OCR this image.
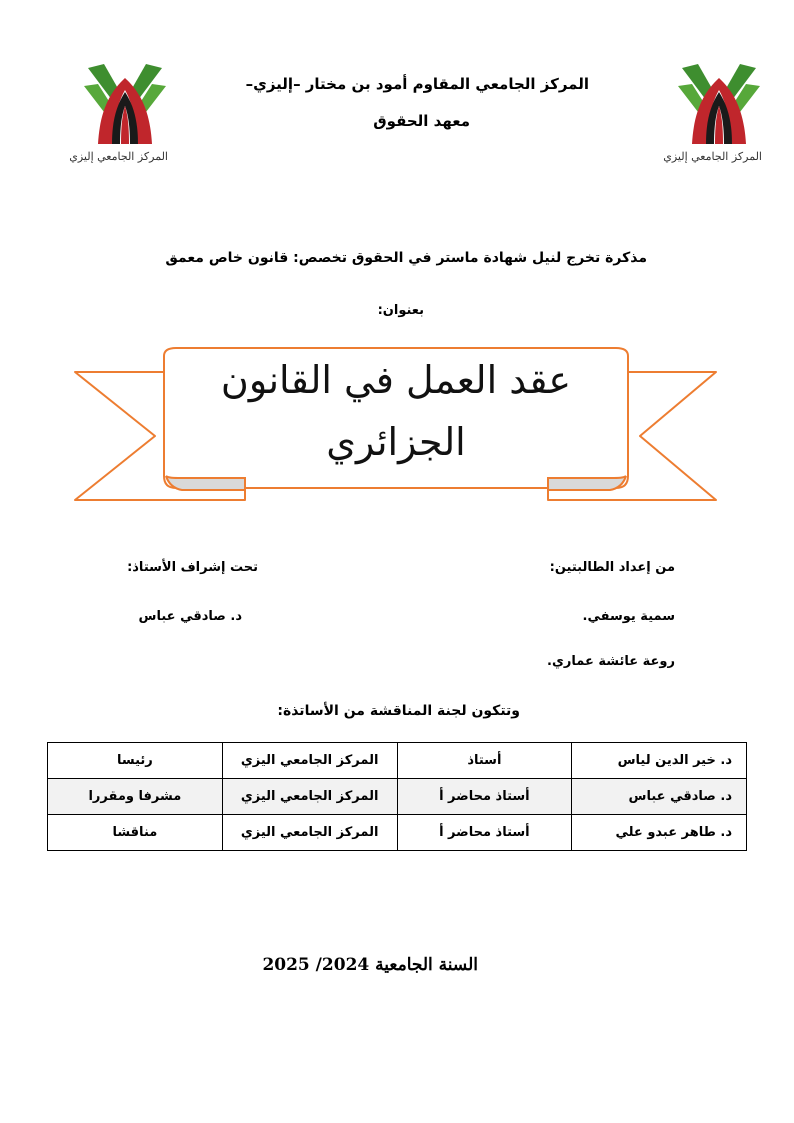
المركز الجامعي إليزي	المركز الجامعي إليزي
المركز الجامعي المقاوم أمود بن مختار –إليزي–
معهد الحقوق
مذكرة تخرج لنيل شهادة ماستر في الحقوق تخصص: قانون خاص معمق
بعنوان:
عقد العمل في القانون
الجزائري
من إعداد الطالبتين:
تحت إشراف الأستاذ:
سمية يوسفي.
د. صادقي عباس
روعة عائشة عماري.
وتتكون لجنة المناقشة من الأساتذة:
د. خير الدين لياس	أستاذ	المركز الجامعي اليزي	رئيسا
د. صادقي عباس	أستاذ محاضر أ	المركز الجامعي اليزي	مشرفا ومقررا
د. طاهر عبدو علي	أستاذ محاضر أ	المركز الجامعي اليزي	مناقشا
السنة الجامعية 2024/ 2025
